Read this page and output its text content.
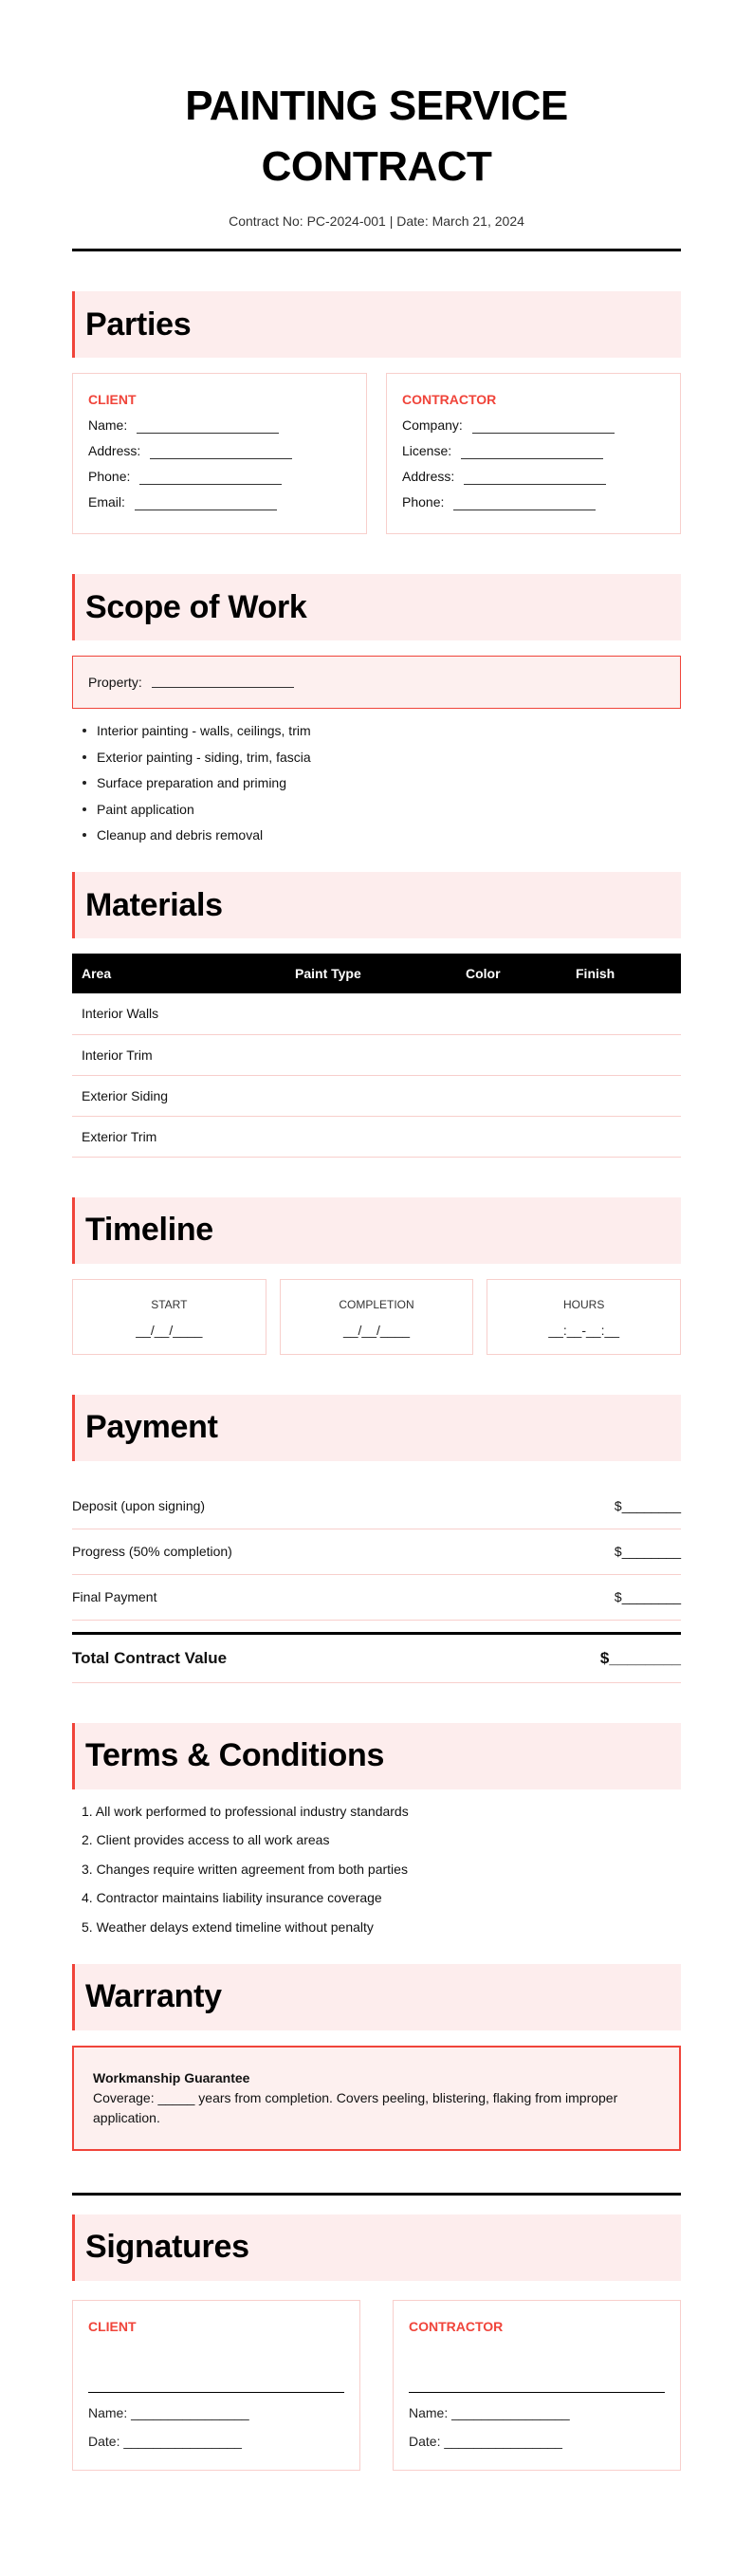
PAINTING SERVICE
CONTRACT
Contract No: PC-2024-001 | Date: March 21, 2024
Parties
CLIENT
Name:
Address:
Phone:
Email:
CONTRACTOR
Company:
License:
Address:
Phone:
Scope of Work
Property:
Interior painting - walls, ceilings, trim
Exterior painting - siding, trim, fascia
Surface preparation and priming
Paint application
Cleanup and debris removal
Materials
Area	Paint Type	Color	Finish
Interior Walls			
Interior Trim			
Exterior Siding			
Exterior Trim			
Timeline
START
__/__/____
COMPLETION
__/__/____
HOURS
__:__-__:__
Payment
Deposit (upon signing)	$________
Progress (50% completion)	$________
Final Payment	$________
Total Contract Value	$________
Terms & Conditions
1. All work performed to professional industry standards
2. Client provides access to all work areas
3. Changes require written agreement from both parties
4. Contractor maintains liability insurance coverage
5. Weather delays extend timeline without penalty
Warranty
Workmanship Guarantee
Coverage: _____ years from completion. Covers peeling, blistering, flaking from improper application.
Signatures
CLIENT
Name: ________________
Date: ________________
CONTRACTOR
Name: ________________
Date: ________________
